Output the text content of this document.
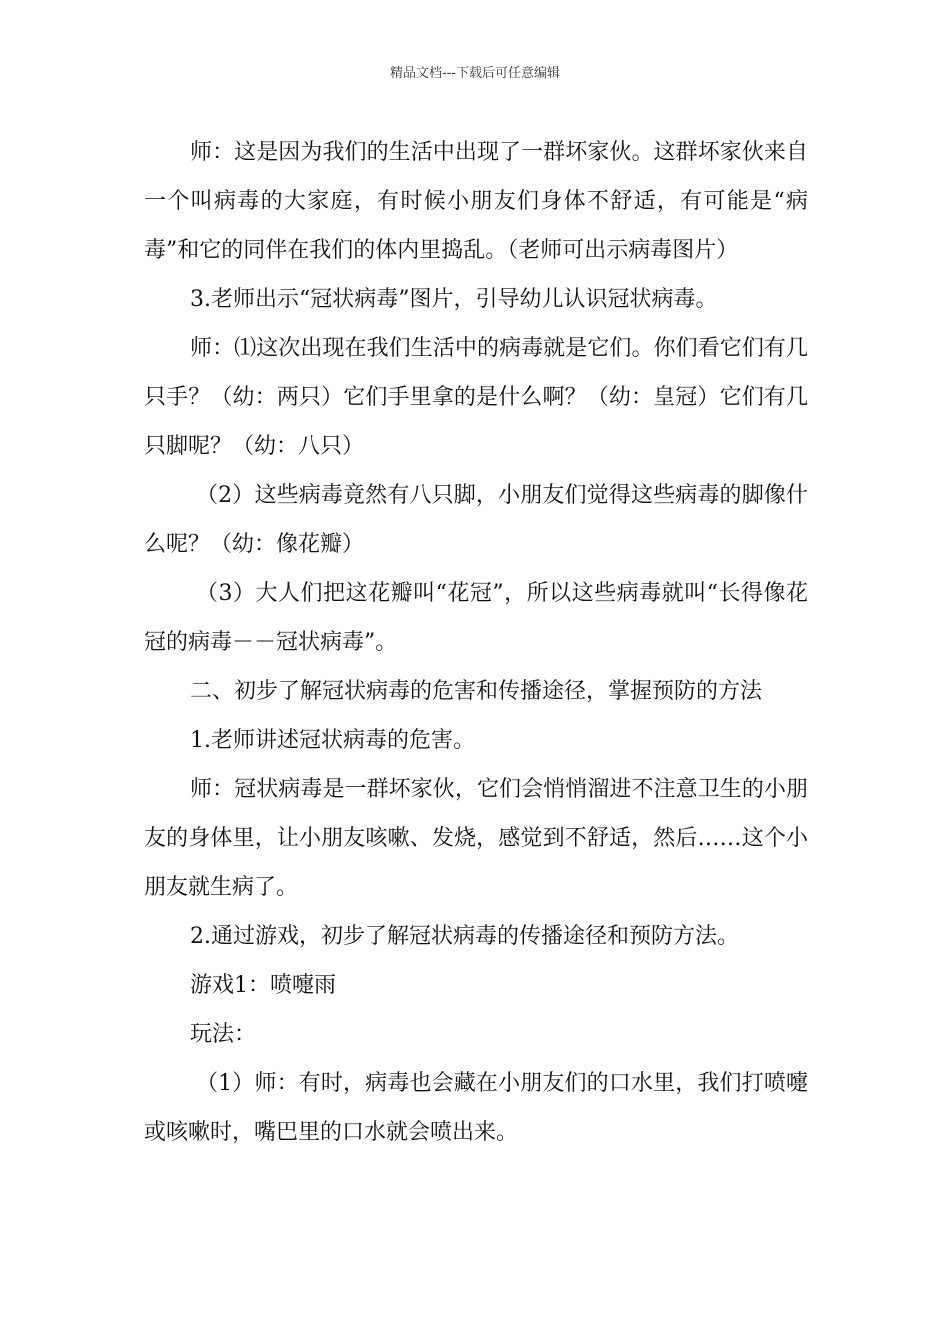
精品文档---下载后可任意编辑

师：这是因为我们的生活中出现了一群坏家伙。这群坏家伙来自一个叫病毒的大家庭，有时候小朋友们身体不舒适，有可能是“病毒”和它的同伴在我们的体内里捣乱。（老师可出示病毒图片）

3.老师出示“冠状病毒”图片，引导幼儿认识冠状病毒。

师：⑴这次出现在我们生活中的病毒就是它们。你们看它们有几只手？（幼：两只）它们手里拿的是什么啊？（幼：皇冠）它们有几只脚呢？（幼：八只）

（2）这些病毒竟然有八只脚，小朋友们觉得这些病毒的脚像什么呢？（幼：像花瓣）

（3）大人们把这花瓣叫“花冠”，所以这些病毒就叫“长得像花冠的病毒－－冠状病毒”。

二、初步了解冠状病毒的危害和传播途径，掌握预防的方法

1.老师讲述冠状病毒的危害。

师：冠状病毒是一群坏家伙，它们会悄悄溜进不注意卫生的小朋友的身体里，让小朋友咳嗽、发烧，感觉到不舒适，然后……这个小朋友就生病了。

2.通过游戏，初步了解冠状病毒的传播途径和预防方法。

游戏1：喷嚏雨

玩法：

（1）师：有时，病毒也会藏在小朋友们的口水里，我们打喷嚏或咳嗽时，嘴巴里的口水就会喷出来。
